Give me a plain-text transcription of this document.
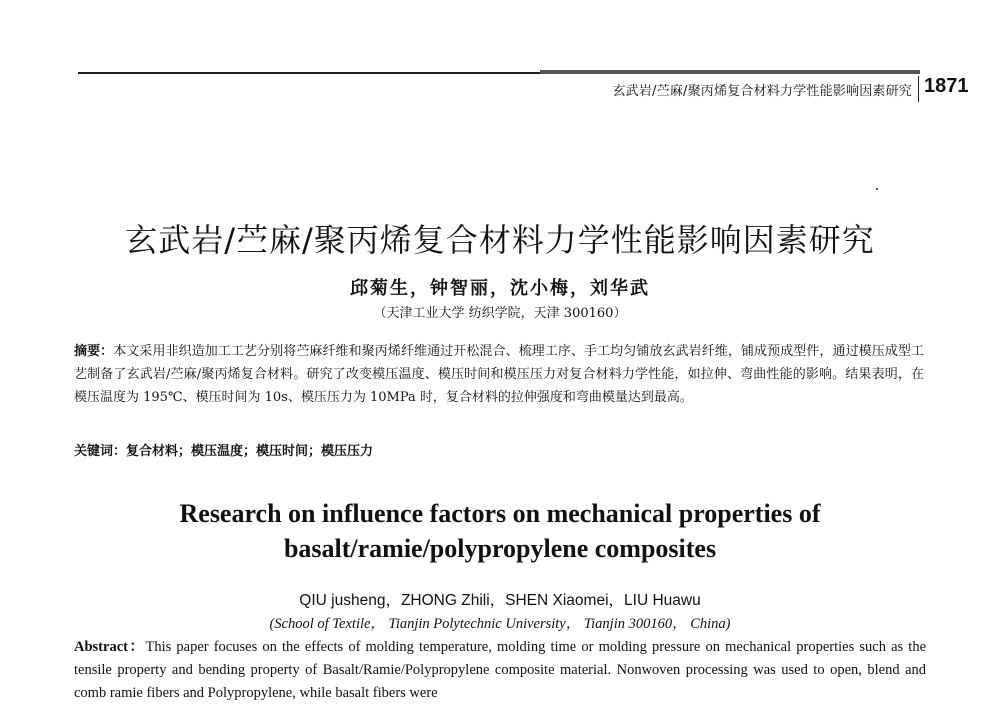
玄武岩/苎麻/聚丙烯复合材料力学性能影响因素研究 1871
玄武岩/苎麻/聚丙烯复合材料力学性能影响因素研究
邱菊生，钟智丽，沈小梅，刘华武
（天津工业大学 纺织学院，天津 300160）
摘要：本文采用非织造加工工艺分别将苎麻纤维和聚丙烯纤维通过开松混合、梳理工序、手工均匀铺放玄武岩纤维，铺成预成型件，通过模压成型工艺制备了玄武岩/苎麻/聚丙烯复合材料。研究了改变模压温度、模压时间和模压压力对复合材料力学性能，如拉伸、弯曲性能的影响。结果表明，在模压温度为 195℃、模压时间为 10s、模压压力为 10MPa 时，复合材料的拉伸强度和弯曲模量达到最高。
关键词：复合材料；模压温度；模压时间；模压压力
Research on influence factors on mechanical properties of
basalt/ramie/polypropylene composites
QIU jusheng，ZHONG Zhili，SHEN Xiaomei，LIU Huawu
(School of Textile， Tianjin Polytechnic University， Tianjin 300160， China)
Abstract：This paper focuses on the effects of molding temperature, molding time or molding pressure on mechanical properties such as the tensile property and bending property of Basalt/Ramie/Polypropylene composite material. Nonwoven processing was used to open, blend and comb ramie fibers and Polypropylene, while basalt fibers were
